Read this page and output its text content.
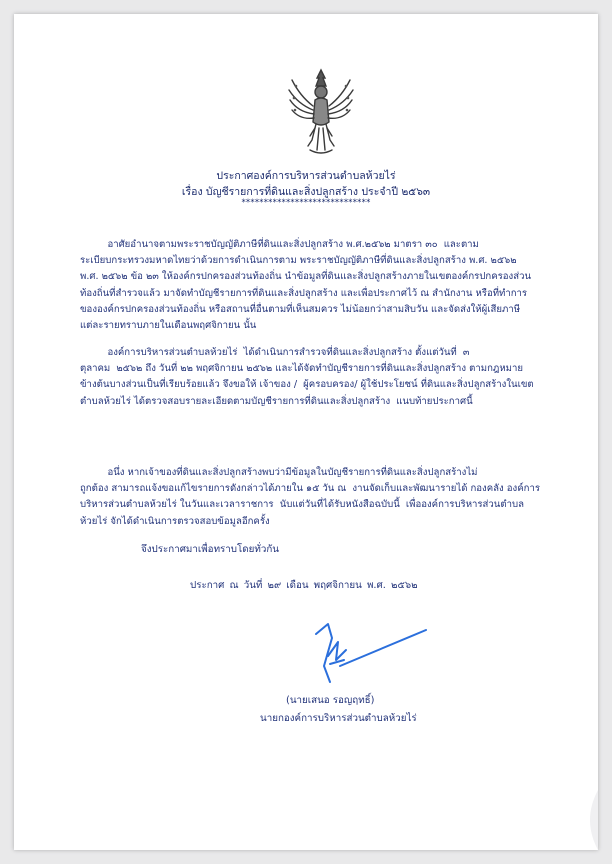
ประกาศองค์การบริหารส่วนตำบลห้วยไร่
เรื่อง บัญชีรายการที่ดินและสิ่งปลูกสร้าง ประจำปี ๒๕๖๓
*****************************
อาศัยอำนาจตามพระราชบัญญัติภาษีที่ดินและสิ่งปลูกสร้าง พ.ศ.๒๕๖๒ มาตรา ๓๐  และตาม
ระเบียบกระทรวงมหาดไทยว่าด้วยการดำเนินการตาม พระราชบัญญัติภาษีที่ดินและสิ่งปลูกสร้าง พ.ศ. ๒๕๖๒
พ.ศ. ๒๕๖๒ ข้อ ๒๓ ให้องค์กรปกครองส่วนท้องถิ่น นำข้อมูลที่ดินและสิ่งปลูกสร้างภายในเขตองค์กรปกครองส่วน
ท้องถิ่นที่สำรวจแล้ว มาจัดทำบัญชีรายการที่ดินและสิ่งปลูกสร้าง และเพื่อประกาศไว้ ณ สำนักงาน หรือที่ทำการ
ขององค์กรปกครองส่วนท้องถิ่น หรือสถานที่อื่นตามที่เห็นสมควร ไม่น้อยกว่าสามสิบวัน และจัดส่งให้ผู้เสียภาษี
แต่ละรายทราบภายในเดือนพฤศจิกายน นั้น
องค์การบริหารส่วนตำบลห้วยไร่  ได้ดำเนินการสำรวจที่ดินและสิ่งปลูกสร้าง ตั้งแต่วันที่  ๓
ตุลาคม  ๒๕๖๒ ถึง วันที่ ๒๒ พฤศจิกายน ๒๕๖๒ และได้จัดทำบัญชีรายการที่ดินและสิ่งปลูกสร้าง ตามกฎหมาย
ข้างต้นบางส่วนเป็นที่เรียบร้อยแล้ว จึงขอให้ เจ้าของ /  ผู้ครอบครอง/ ผู้ใช้ประโยชน์ ที่ดินและสิ่งปลูกสร้างในเขต
ตำบลห้วยไร่ ได้ตรวจสอบรายละเอียดตามบัญชีรายการที่ดินและสิ่งปลูกสร้าง  แนบท้ายประกาศนี้
อนึ่ง หากเจ้าของที่ดินและสิ่งปลูกสร้างพบว่ามีข้อมูลในบัญชีรายการที่ดินและสิ่งปลูกสร้างไม่
ถูกต้อง สามารถแจ้งขอแก้ไขรายการดังกล่าวได้ภายใน ๑๕ วัน ณ  งานจัดเก็บและพัฒนารายได้ กองคลัง องค์การ
บริหารส่วนตำบลห้วยไร่ ในวันและเวลาราชการ  นับแต่วันที่ได้รับหนังสือฉบับนี้  เพื่อองค์การบริหารส่วนตำบล
ห้วยไร่ จักได้ดำเนินการตรวจสอบข้อมูลอีกครั้ง
จึงประกาศมาเพื่อทราบโดยทั่วกัน
ประกาศ ณ วันที่ ๒๙ เดือน พฤศจิกายน พ.ศ. ๒๕๖๒
(นายเสนอ รอญฤทธิ์)
นายกองค์การบริหารส่วนตำบลห้วยไร่
